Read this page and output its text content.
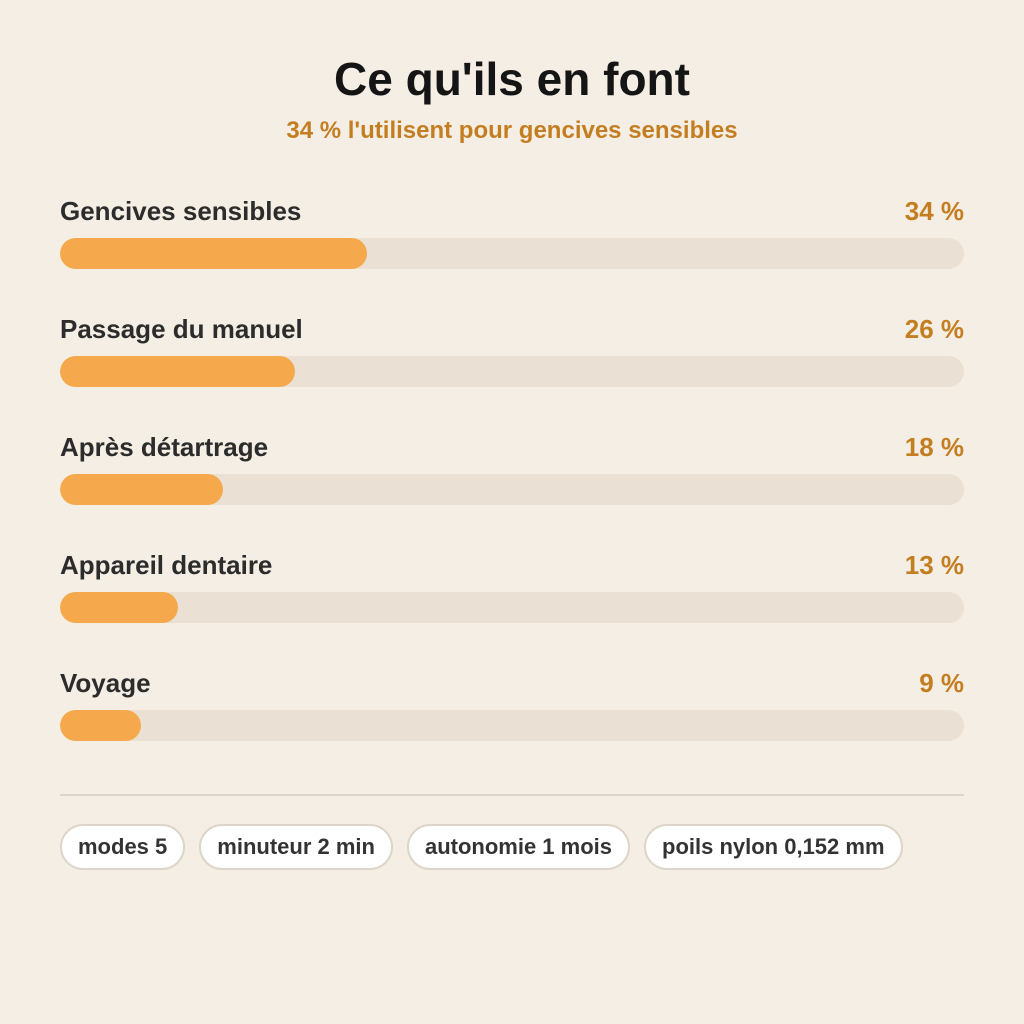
Ce qu'ils en font
34 % l'utilisent pour gencives sensibles
Gencives sensibles	34 %
Passage du manuel	26 %
Après détartrage	18 %
Appareil dentaire	13 %
Voyage	9 %
modes 5	minuteur 2 min	autonomie 1 mois	poils nylon 0,152 mm
